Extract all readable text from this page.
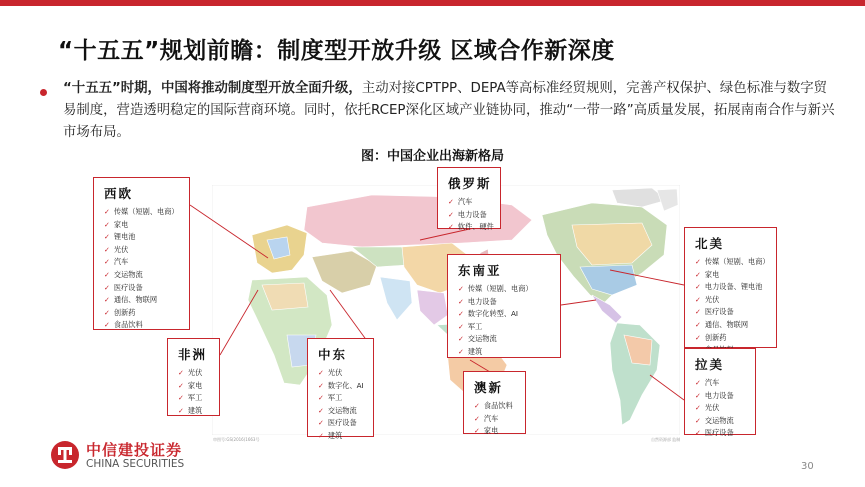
“十五五”规划前瞻：制度型开放升级 区域合作新深度
“十五五”时期，中国将推动制度型开放全面升级，主动对接CPTPP、DEPA等高标准经贸规则，完善产权保护、绿色标准与数字贸易制度，营造透明稳定的国际营商环境。同时，依托RCEP深化区域产业链协同，推动“一带一路”高质量发展，拓展南南合作与新兴市场布局。
图：中国企业出海新格局
审图号:GS(2016)1663号	自然资源部 监制
西欧
✓ 传媒（短剧、电商）
✓ 家电
✓ 锂电池
✓ 光伏
✓ 汽车
✓ 交运物流
✓ 医疗设备
✓ 通信、物联网
✓ 创新药
✓ 食品饮料
俄罗斯
✓ 汽车
✓ 电力设备
✓ 软件、硬件
北美
✓ 传媒（短剧、电商）
✓ 家电
✓ 电力设备、锂电池
✓ 光伏
✓ 医疗设备
✓ 通信、物联网
✓ 创新药
东南亚
✓ 传媒（短剧、电商）
✓ 电力设备
✓ 数字化转型、AI
✓ 军工
✓ 交运物流
✓ 建筑
非洲
✓ 光伏
✓ 家电
✓ 军工
✓ 建筑
中东
✓ 光伏
✓ 数字化、AI
✓ 军工
✓ 交运物流
✓ 医疗设备
✓ 建筑
澳新
✓ 食品饮料
✓ 汽车
✓ 家电
拉美
✓ 汽车
✓ 电力设备
✓ 光伏
✓ 交运物流
✓ 医疗设备
中信建投证券
CHINA SECURITIES	30
